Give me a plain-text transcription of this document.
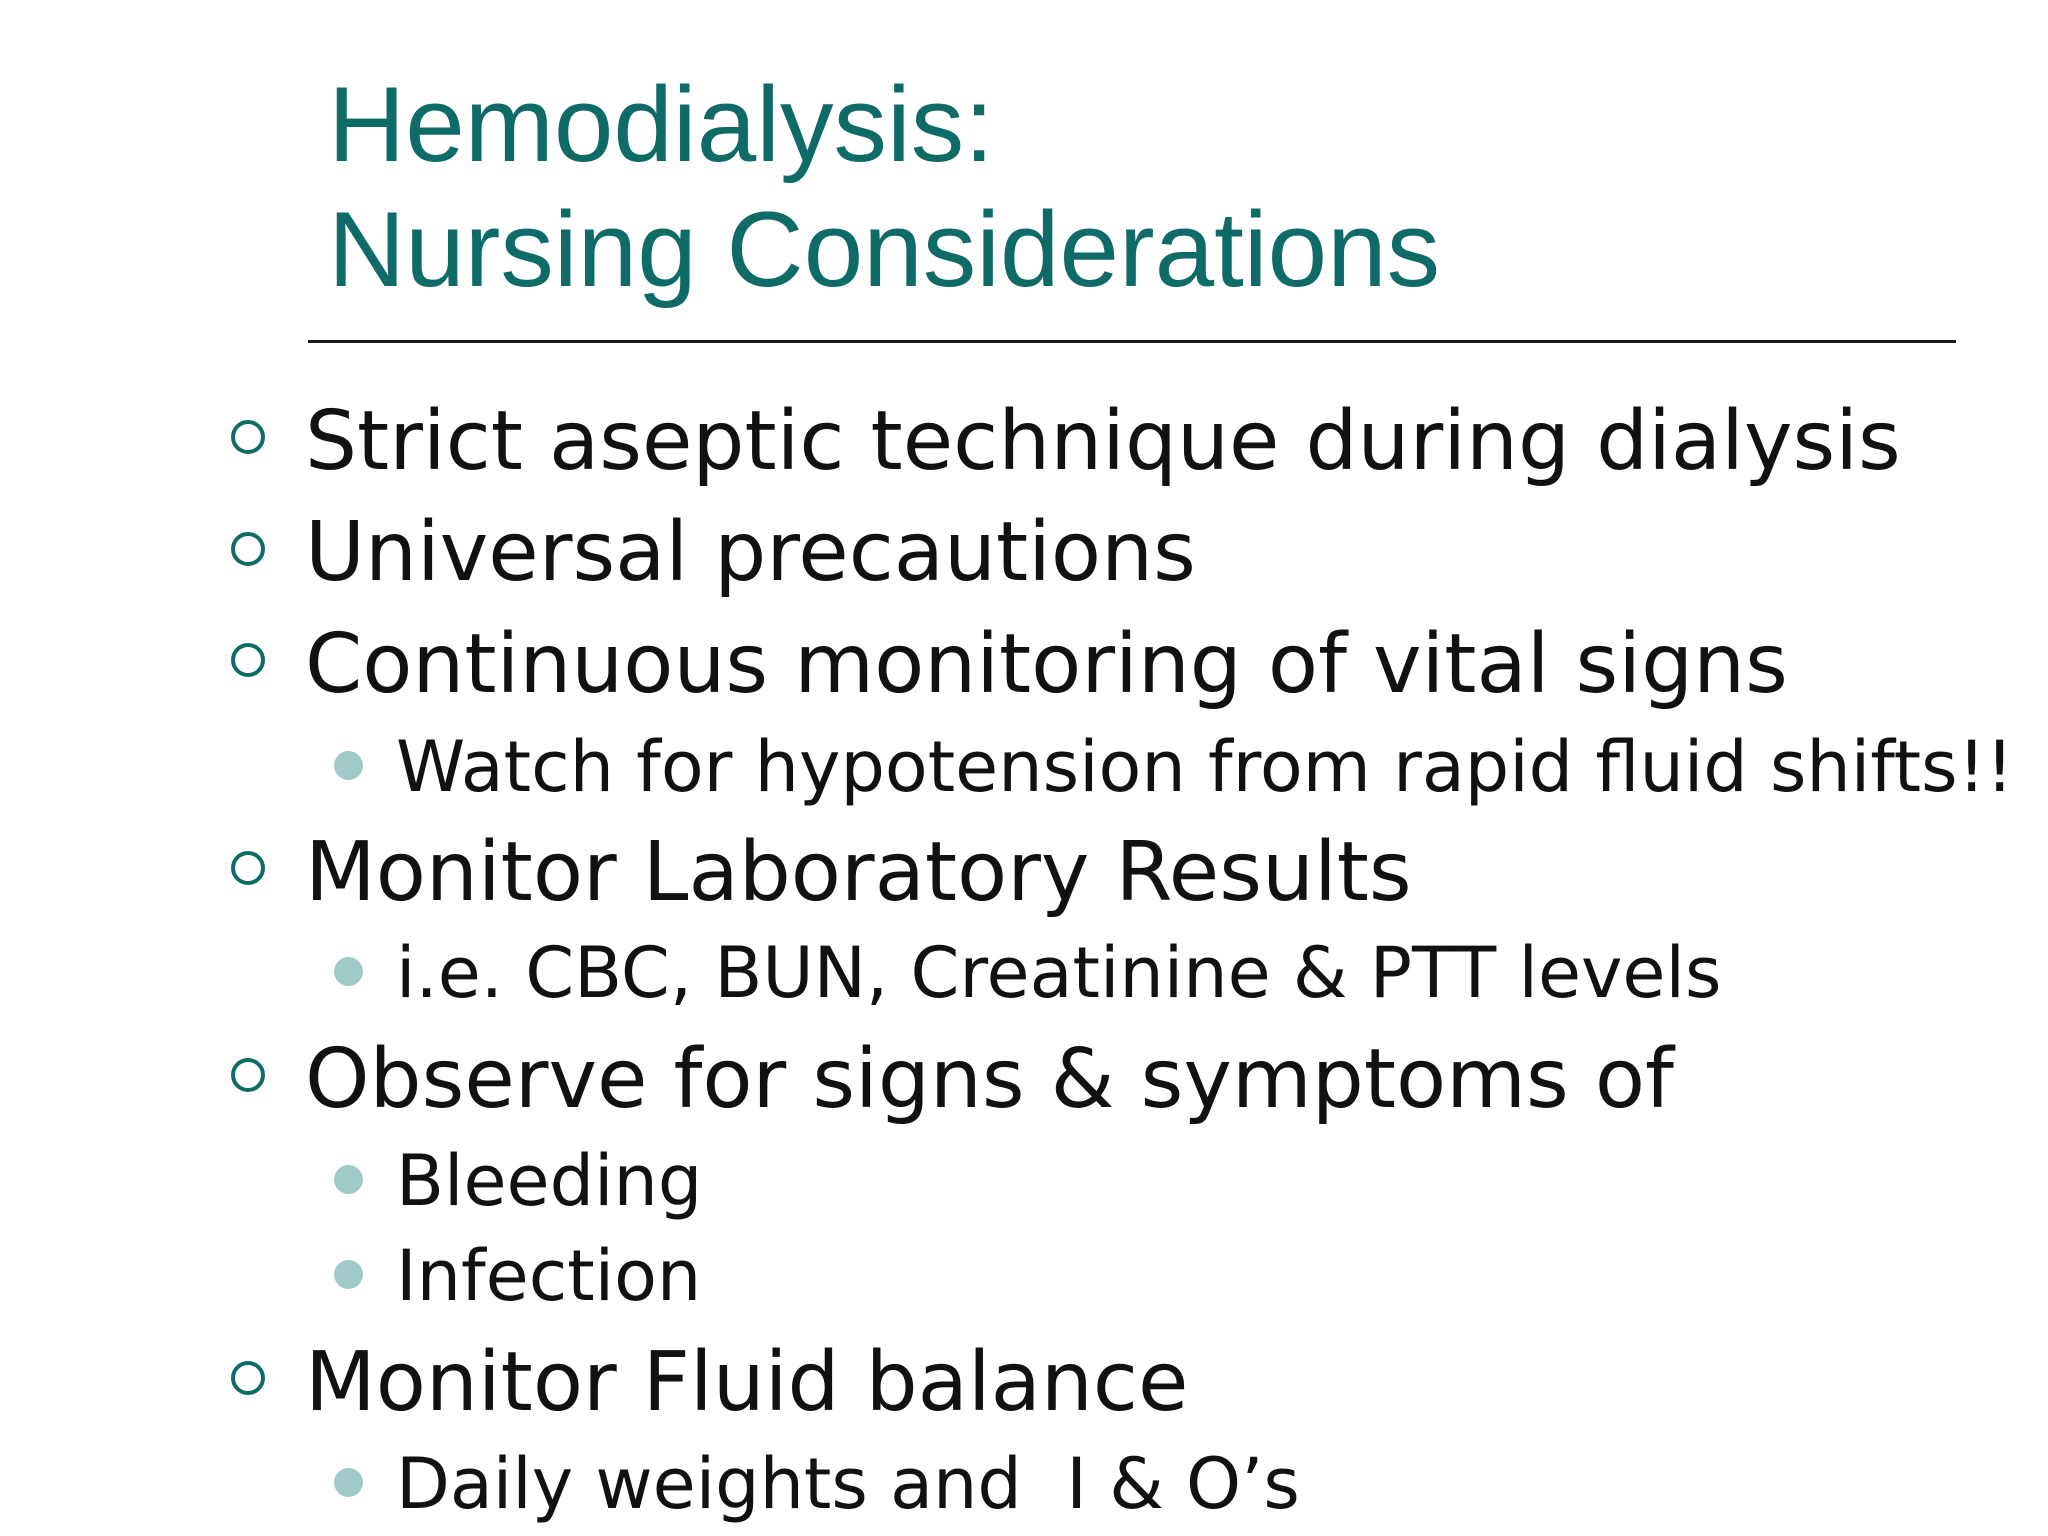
Hemodialysis:
Nursing Considerations
Strict aseptic technique during dialysis
Universal precautions
Continuous monitoring of vital signs
Watch for hypotension from rapid fluid shifts!!
Monitor Laboratory Results
i.e. CBC, BUN, Creatinine & PTT levels
Observe for signs & symptoms of
Bleeding
Infection
Monitor Fluid balance
Daily weights and  I & O’s
